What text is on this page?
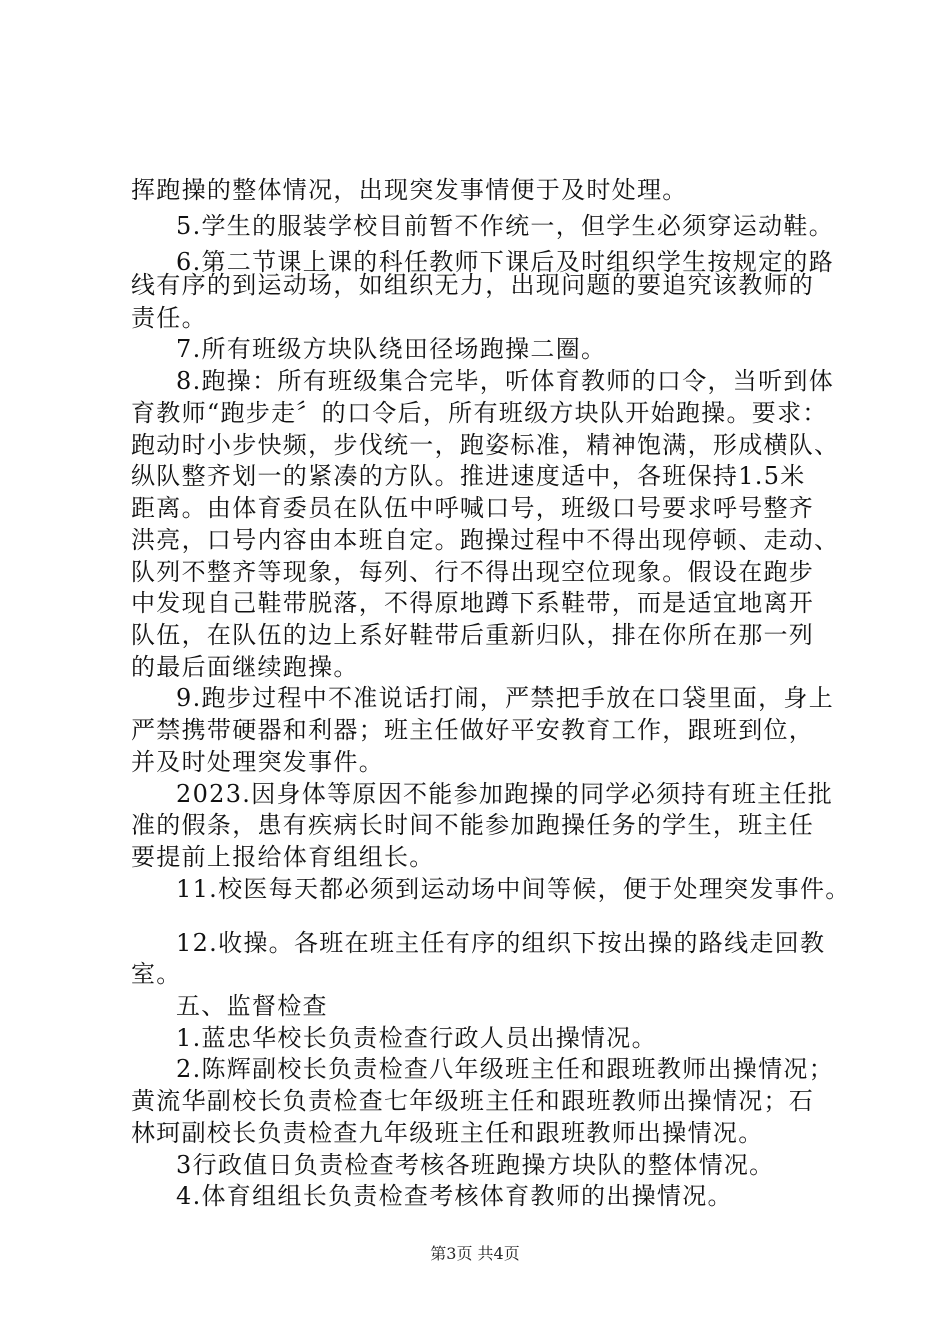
挥跑操的整体情况，出现突发事情便于及时处理。
5.学生的服装学校目前暂不作统一，但学生必须穿运动鞋。
6.第二节课上课的科任教师下课后及时组织学生按规定的路
线有序的到运动场，如组织无力，出现问题的要追究该教师的
责任。
7.所有班级方块队绕田径场跑操二圈。
8.跑操：所有班级集合完毕，听体育教师的口令，当听到体
育教师“跑步走〞的口令后，所有班级方块队开始跑操。要求：
跑动时小步快频，步伐统一，跑姿标准，精神饱满，形成横队、
纵队整齐划一的紧凑的方队。推进速度适中，各班保持1.5米
距离。由体育委员在队伍中呼喊口号，班级口号要求呼号整齐
洪亮，口号内容由本班自定。跑操过程中不得出现停顿、走动、
队列不整齐等现象，每列、行不得出现空位现象。假设在跑步
中发现自己鞋带脱落，不得原地蹲下系鞋带，而是适宜地离开
队伍，在队伍的边上系好鞋带后重新归队，排在你所在那一列
的最后面继续跑操。
9.跑步过程中不准说话打闹，严禁把手放在口袋里面，身上
严禁携带硬器和利器；班主任做好平安教育工作，跟班到位，
并及时处理突发事件。
2023.因身体等原因不能参加跑操的同学必须持有班主任批
准的假条，患有疾病长时间不能参加跑操任务的学生，班主任
要提前上报给体育组组长。
11.校医每天都必须到运动场中间等候，便于处理突发事件。
12.收操。各班在班主任有序的组织下按出操的路线走回教
室。
五、监督检查
1.蓝忠华校长负责检查行政人员出操情况。
2.陈辉副校长负责检查八年级班主任和跟班教师出操情况；
黄流华副校长负责检查七年级班主任和跟班教师出操情况；石
林珂副校长负责检查九年级班主任和跟班教师出操情况。
3行政值日负责检查考核各班跑操方块队的整体情况。
4.体育组组长负责检查考核体育教师的出操情况。
第3页 共4页
